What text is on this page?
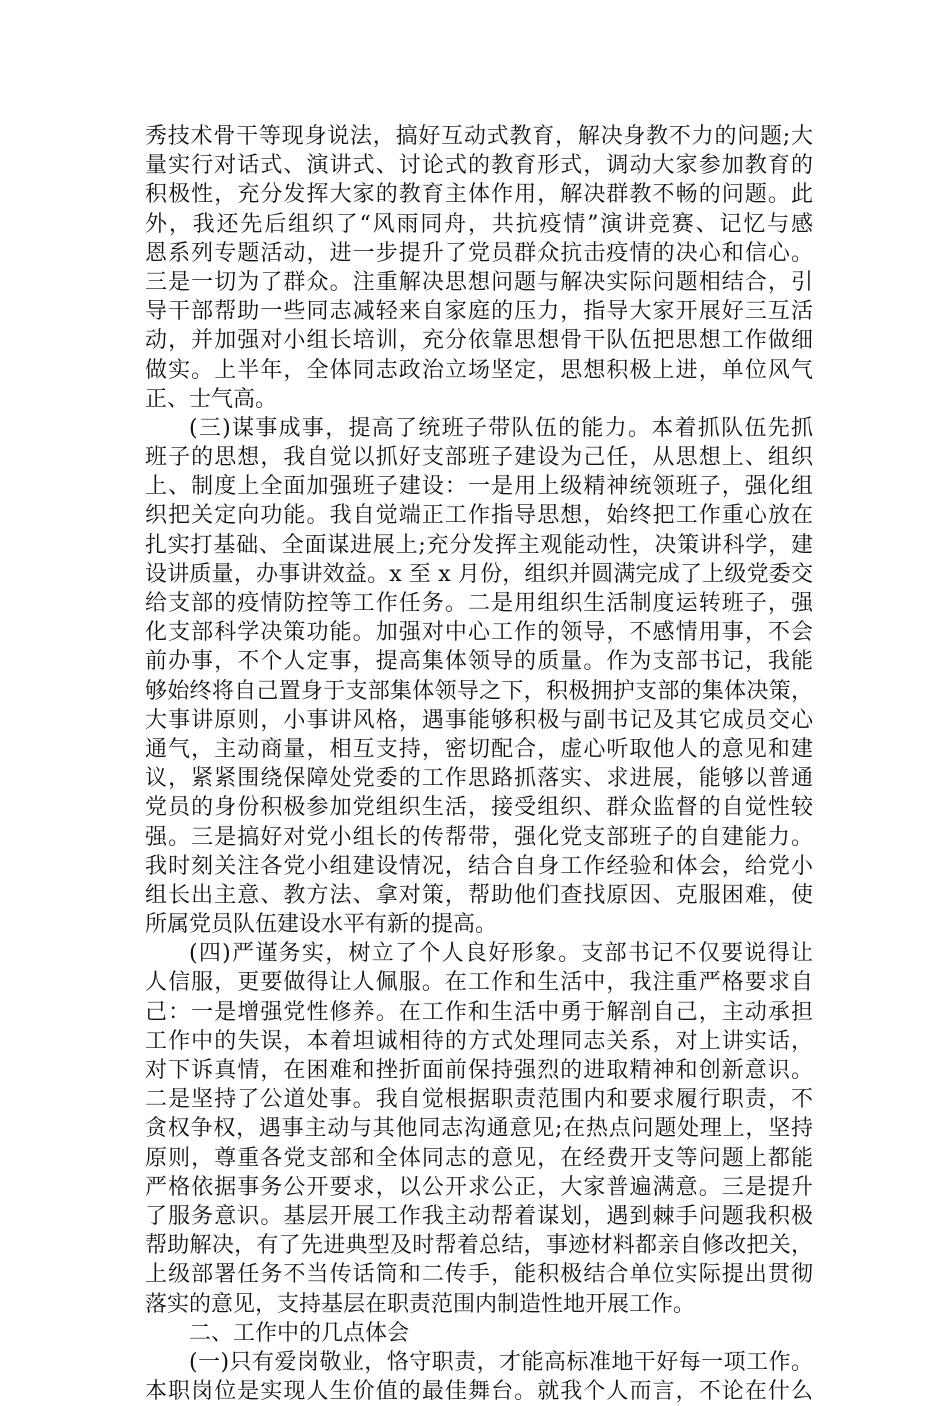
秀技术骨干等现身说法，搞好互动式教育，解决身教不力的问题;大
量实行对话式、演讲式、讨论式的教育形式，调动大家参加教育的
积极性，充分发挥大家的教育主体作用，解决群教不畅的问题。此
外，我还先后组织了“风雨同舟，共抗疫情”演讲竞赛、记忆与感
恩系列专题活动，进一步提升了党员群众抗击疫情的决心和信心。
三是一切为了群众。注重解决思想问题与解决实际问题相结合，引
导干部帮助一些同志减轻来自家庭的压力，指导大家开展好三互活
动，并加强对小组长培训，充分依靠思想骨干队伍把思想工作做细
做实。上半年，全体同志政治立场坚定，思想积极上进，单位风气
正、士气高。
(三)谋事成事，提高了统班子带队伍的能力。本着抓队伍先抓
班子的思想，我自觉以抓好支部班子建设为己任，从思想上、组织
上、制度上全面加强班子建设：一是用上级精神统领班子，强化组
织把关定向功能。我自觉端正工作指导思想，始终把工作重心放在
扎实打基础、全面谋进展上;充分发挥主观能动性，决策讲科学，建
设讲质量，办事讲效益。x 至 x 月份，组织并圆满完成了上级党委交
给支部的疫情防控等工作任务。二是用组织生活制度运转班子，强
化支部科学决策功能。加强对中心工作的领导，不感情用事，不会
前办事，不个人定事，提高集体领导的质量。作为支部书记，我能
够始终将自己置身于支部集体领导之下，积极拥护支部的集体决策，
大事讲原则，小事讲风格，遇事能够积极与副书记及其它成员交心
通气，主动商量，相互支持，密切配合，虚心听取他人的意见和建
议，紧紧围绕保障处党委的工作思路抓落实、求进展，能够以普通
党员的身份积极参加党组织生活，接受组织、群众监督的自觉性较
强。三是搞好对党小组长的传帮带，强化党支部班子的自建能力。
我时刻关注各党小组建设情况，结合自身工作经验和体会，给党小
组长出主意、教方法、拿对策，帮助他们查找原因、克服困难，使
所属党员队伍建设水平有新的提高。
(四)严谨务实，树立了个人良好形象。支部书记不仅要说得让
人信服，更要做得让人佩服。在工作和生活中，我注重严格要求自
己：一是增强党性修养。在工作和生活中勇于解剖自己，主动承担
工作中的失误，本着坦诚相待的方式处理同志关系，对上讲实话，
对下诉真情，在困难和挫折面前保持强烈的进取精神和创新意识。
二是坚持了公道处事。我自觉根据职责范围内和要求履行职责，不
贪权争权，遇事主动与其他同志沟通意见;在热点问题处理上，坚持
原则，尊重各党支部和全体同志的意见，在经费开支等问题上都能
严格依据事务公开要求，以公开求公正，大家普遍满意。三是提升
了服务意识。基层开展工作我主动帮着谋划，遇到棘手问题我积极
帮助解决，有了先进典型及时帮着总结，事迹材料都亲自修改把关，
上级部署任务不当传话筒和二传手，能积极结合单位实际提出贯彻
落实的意见，支持基层在职责范围内制造性地开展工作。
二、工作中的几点体会
(一)只有爱岗敬业，恪守职责，才能高标准地干好每一项工作。
本职岗位是实现人生价值的最佳舞台。就我个人而言，不论在什么
